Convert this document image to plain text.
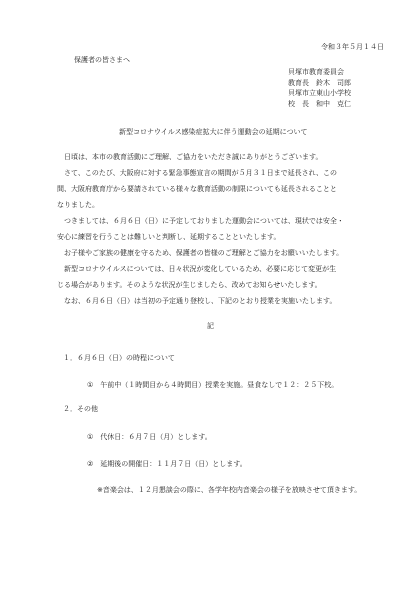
令和３年５月１４日
保護者の皆さまへ
貝塚市教育委員会
教育長　鈴木　司郎
貝塚市立東山小学校
校　長　和中　克仁
新型コロナウイルス感染症拡大に伴う運動会の延期について
日頃は、本市の教育活動にご理解、ご協力をいただき誠にありがとうございます。
さて、このたび、大阪府に対する緊急事態宣言の期間が５月３１日まで延長され、この
間、大阪府教育庁から要請されている様々な教育活動の制限についても延長されることと
なりました。
つきましては、６月６日（日）に予定しておりました運動会については、現状では安全・
安心に練習を行うことは難しいと判断し、延期することといたします。
お子様やご家族の健康を守るため、保護者の皆様のご理解とご協力をお願いいたします。
新型コロナウイルスについては、日々状況が変化しているため、必要に応じて変更が生
じる場合があります。そのような状況が生じましたら、改めてお知らせいたします。
なお、６月６日（日）は当初の予定通り登校し、下記のとおり授業を実施いたします。
記
１．６月６日（日）の時程について
①　午前中（１時間目から４時間目）授業を実施。昼食なしで１２：２５下校。
２．その他
①　代休日：６月７日（月）とします。
②　延期後の開催日：１１月７日（日）とします。
※音楽会は、１２月懇談会の際に、各学年校内音楽会の様子を放映させて頂きます。
